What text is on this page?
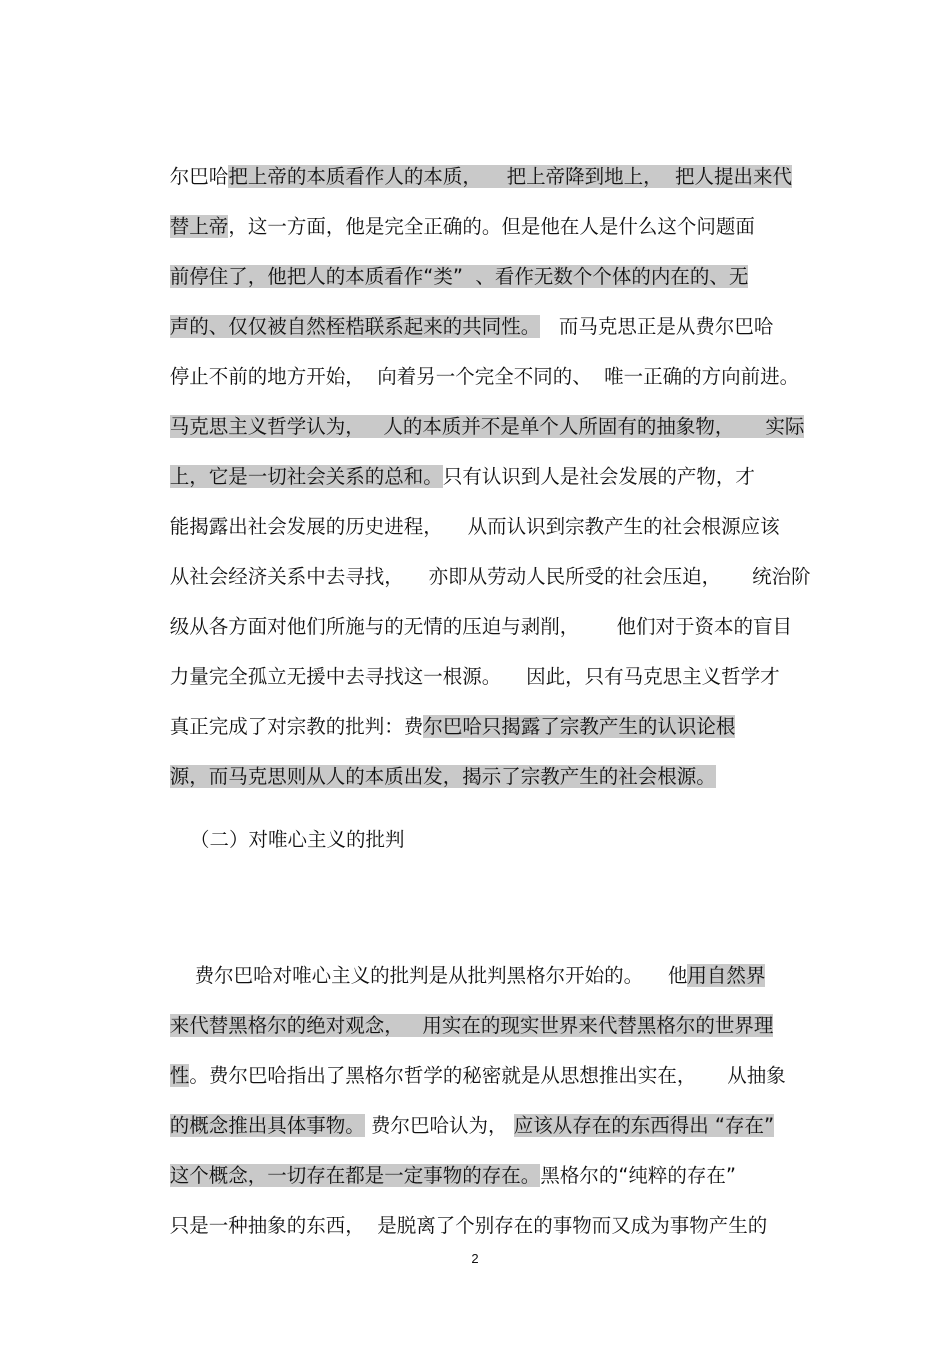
尔巴哈把上帝的本质看作人的本质，    把上帝降到地上，  把人提出来代

替上帝，这一方面，他是完全正确的。但是他在人是什么这个问题面

前停住了，他把人的本质看作“类”  、看作无数个个体的内在的、无

声的、仅仅被自然桎梏联系起来的共同性。   而马克思正是从费尔巴哈

停止不前的地方开始，  向着另一个完全不同的、  唯一正确的方向前进。

马克思主义哲学认为，   人的本质并不是单个人所固有的抽象物，     实际

上，它是一切社会关系的总和。只有认识到人是社会发展的产物，才

能揭露出社会发展的历史进程，    从而认识到宗教产生的社会根源应该

从社会经济关系中去寻找，    亦即从劳动人民所受的社会压迫，     统治阶

级从各方面对他们所施与的无情的压迫与剥削，      他们对于资本的盲目

力量完全孤立无援中去寻找这一根源。    因此，只有马克思主义哲学才

真正完成了对宗教的批判：费尔巴哈只揭露了宗教产生的认识论根

源，而马克思则从人的本质出发，揭示了宗教产生的社会根源。

（二）对唯心主义的批判

费尔巴哈对唯心主义的批判是从批判黑格尔开始的。    他用自然界

来代替黑格尔的绝对观念，   用实在的现实世界来代替黑格尔的世界理

性。费尔巴哈指出了黑格尔哲学的秘密就是从思想推出实在，     从抽象

的概念推出具体事物。 费尔巴哈认为， 应该从存在的东西得出 “存在”

这个概念，一切存在都是一定事物的存在。黑格尔的“纯粹的存在”

只是一种抽象的东西，  是脱离了个别存在的事物而又成为事物产生的

2
